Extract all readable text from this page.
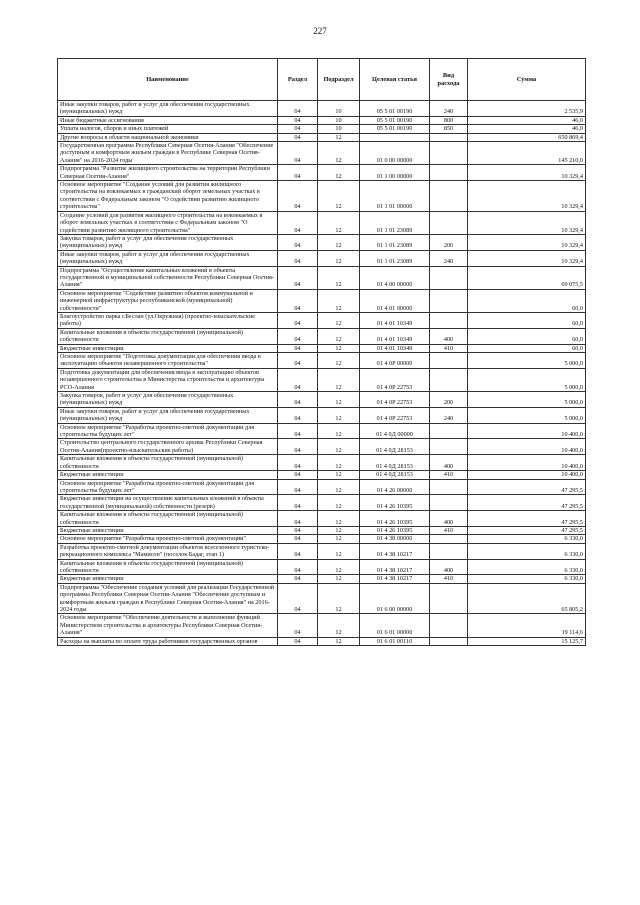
227
Наименование	Раздел	Подраздел	Целевая статья	Вид расхода	Сумма
Иные закупки товаров, работ и услуг для обеспечения государственных (муниципальных) нужд	04	10	05 5 01 00190	240	2 535,9
Иные бюджетные ассигнования	04	10	05 5 01 00190	800	46,0
Уплата налогов, сборов и иных платежей	04	10	05 5 01 00190	850	46,0
Другие вопросы в области национальной экономики	04	12			650 869,4
Государственная программа Республики Северная Осетия-Алания "Обеспечение доступным и комфортным жильем граждан в Республике Северная Осетия-Алания" на 2016-2024 годы	04	12	01 0 00 00000		145 210,0
Подпрограмма "Развитие жилищного строительства на территории Республики Северная Осетия-Алания"	04	12	01 1 00 00000		10 329,4
Основное мероприятие "Создание условий для развития жилищного строительства на вовлекаемых в гражданский оборот земельных участках в соответствии с Федеральным законом "О содействии развитию жилищного строительства"	04	12	01 1 01 00000		10 329,4
Создание условий для развития жилищного строительства на вовлекаемых в оборот земельных участках в соответствии с Федеральным законом "О содействии развитию жилищного строительства"	04	12	01 1 01 23089		10 329,4
Закупка товаров, работ и услуг для обеспечения государственных (муниципальных) нужд	04	12	01 1 01 23089	200	10 329,4
Иные закупки товаров, работ и услуг для обеспечения государственных (муниципальных) нужд	04	12	01 1 01 23089	240	10 329,4
Подпрограмма "Осуществление капитальных вложений в объекты государственной и муниципальной собственности Республики Северная Осетия-Алания"	04	12	01 4 00 00000		69 075,5
Основное мероприятие "Содействие развитию объектов коммунальной и инженерной инфраструктуры республиканской (муниципальной) собственности"	04	12	01 4 01 00000		60,0
Благоустройство парка г.Беслан (ул.Окружная) (проектно-изыскательские работы)	04	12	01 4 01 10349		60,0
Капитальные вложения в объекты государственной (муниципальной) собственности	04	12	01 4 01 10349	400	60,0
Бюджетные инвестиции	04	12	01 4 01 10349	410	60,0
Основное мероприятие "Подготовка документации для обеспечения ввода в эксплуатацию объектов незавершенного строительства"	04	12	01 4 0P 00000		5 000,0
Подготовка документации для обеспечения ввода в эксплуатацию объектов незавершенного строительства в Министерства строительства и архитектуры РСО-Алания	04	12	01 4 0P 22753		5 000,0
Закупка товаров, работ и услуг для обеспечения государственных (муниципальных) нужд	04	12	01 4 0P 22753	200	5 000,0
Иные закупки товаров, работ и услуг для обеспечения государственных (муниципальных) нужд	04	12	01 4 0P 22753	240	5 000,0
Основное мероприятие "Разработка проектно-сметной документации для строительства будущих лет"	04	12	01 4 0Д 00000		10 400,0
Строительство центрального государственного архива Республики Северная Осетия-Алания(проектно-изыскательские работы)	04	12	01 4 0Д 28153		10 400,0
Капитальные вложения в объекты государственной (муниципальной) собственности	04	12	01 4 0Д 28153	400	10 400,0
Бюджетные инвестиции	04	12	01 4 0Д 28153	410	10 400,0
Основное мероприятие "Разработка проектно-сметной документации для строительства будущих лет"	04	12	01 4 26 00000		47 295,5
Бюджетные инвестиции на осуществление капитальных вложений в объекты государственной (муниципальной) собственности (резерв)	04	12	01 4 26 10395		47 295,5
Капитальные вложения в объекты государственной (муниципальной) собственности	04	12	01 4 26 10395	400	47 295,5
Бюджетные инвестиции	04	12	01 4 26 10395	410	47 295,5
Основное мероприятие "Разработка проектно-сметной документации"	04	12	01 4 38 00000		6 330,0
Разработка проектно-сметной документации объектов всесезонного туристско-рекреационного комплекса "Мамисон" (поселок Бадаг, этап 1)	04	12	01 4 38 10217		6 330,0
Капитальные вложения в объекты государственной (муниципальной) собственности	04	12	01 4 38 10217	400	6 330,0
Бюджетные инвестиции	04	12	01 4 38 10217	410	6 330,0
Подпрограмма "Обеспечение создания условий для реализации Государственной программы Республики Северная Осетия-Алания "Обеспечение доступным и комфортным жильем граждан в Республике Северная Осетия-Алания" на 2016-2024 годы	04	12	01 6 00 00000		65 805,2
Основное мероприятие "Обеспечение деятельности и выполнение функций Министерством строительства и архитектуры Республики Северная Осетия-Алания"	04	12	01 6 01 00000		19 114,6
Расходы на выплаты по оплате труда работников государственных органов	04	12	01 6 01 00110		15 125,7
